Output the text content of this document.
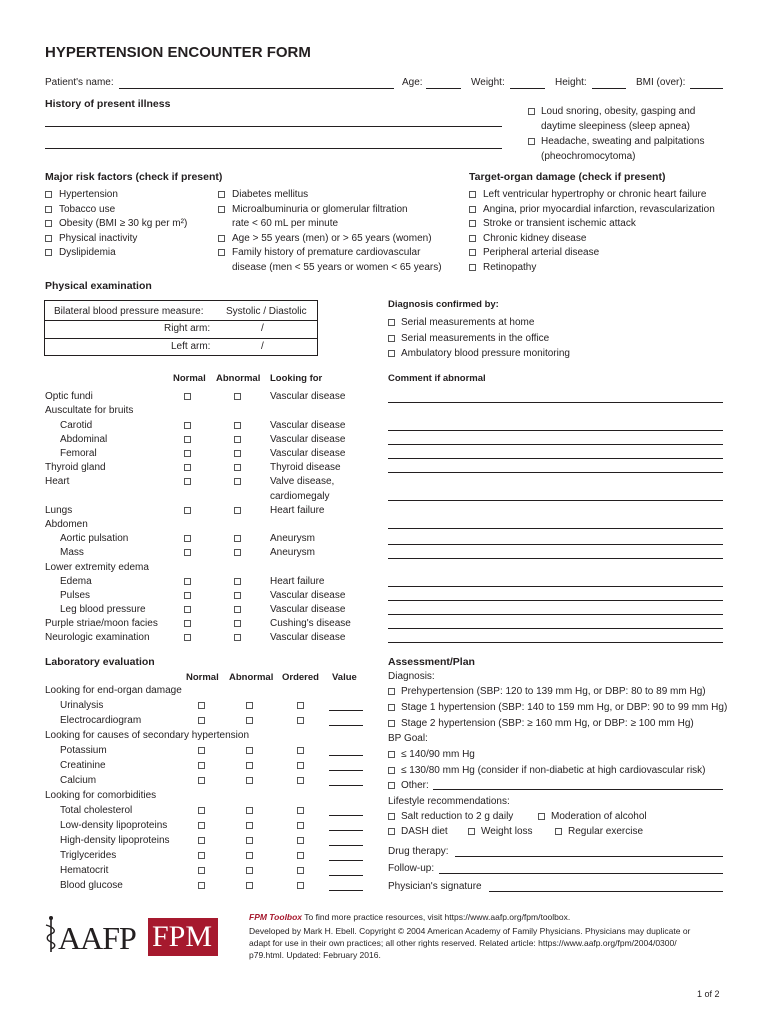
HYPERTENSION ENCOUNTER FORM
Patient's name:	Age:	Weight:	Height:	BMI (over):
History of present illness
Major risk factors (check if present)	Target-organ damage (check if present)
Physical examination
Bilateral blood pressure measure: Systolic / Diastolic
Right arm:	/
Left arm:	/
Diagnosis confirmed by:
Normal Abnormal Looking for	Comment if abnormal
Laboratory evaluation
Normal Abnormal Ordered Value
Assessment/Plan
Diagnosis:
BP Goal:
Lifestyle recommendations:
Drug therapy:
Follow-up:
Physician's signature
AAFP FPM
FPM Toolbox To find more practice resources, visit https://www.aafp.org/fpm/toolbox.
Developed by Mark H. Ebell. Copyright © 2004 American Academy of Family Physicians. Physicians may duplicate or
adapt for use in their own practices; all other rights reserved. Related article: https://www.aafp.org/fpm/2004/0300/
p79.html. Updated: February 2016.
1 of 2
Loud snoring, obesity, gasping and
daytime sleepiness (sleep apnea)
Headache, sweating and palpitations
(pheochromocytoma)
Hypertension
Tobacco use
Obesity (BMI ≥ 30 kg per m²)
Physical inactivity
Dyslipidemia
Diabetes mellitus
Microalbuminuria or glomerular filtration
rate < 60 mL per minute
Age > 55 years (men) or > 65 years (women)
Family history of premature cardiovascular
disease (men < 55 years or women < 65 years)
Left ventricular hypertrophy or chronic heart failure
Angina, prior myocardial infarction, revascularization
Stroke or transient ischemic attack
Chronic kidney disease
Peripheral arterial disease
Retinopathy
Serial measurements at home
Serial measurements in the office
Ambulatory blood pressure monitoring
Optic fundi	Vascular disease
Auscultate for bruits
Carotid	Vascular disease
Abdominal	Vascular disease
Femoral	Vascular disease
Thyroid gland	Thyroid disease
Heart	Valve disease,
cardiomegaly
Lungs	Heart failure
Abdomen
Aortic pulsation	Aneurysm
Mass	Aneurysm
Lower extremity edema
Edema	Heart failure
Pulses	Vascular disease
Leg blood pressure	Vascular disease
Purple striae/moon facies	Cushing's disease
Neurologic examination	Vascular disease
Looking for end-organ damage
Urinalysis
Electrocardiogram
Looking for causes of secondary hypertension
Potassium
Creatinine
Calcium
Looking for comorbidities
Total cholesterol
Low-density lipoproteins
High-density lipoproteins
Triglycerides
Hematocrit
Blood glucose
Prehypertension (SBP: 120 to 139 mm Hg, or DBP: 80 to 89 mm Hg)
Stage 1 hypertension (SBP: 140 to 159 mm Hg, or DBP: 90 to 99 mm Hg)
Stage 2 hypertension (SBP: ≥ 160 mm Hg, or DBP: ≥ 100 mm Hg)
≤ 140/90 mm Hg
≤ 130/80 mm Hg (consider if non-diabetic at high cardiovascular risk)
Other:
Salt reduction to 2 g daily	Moderation of alcohol
DASH diet	Weight loss	Regular exercise
